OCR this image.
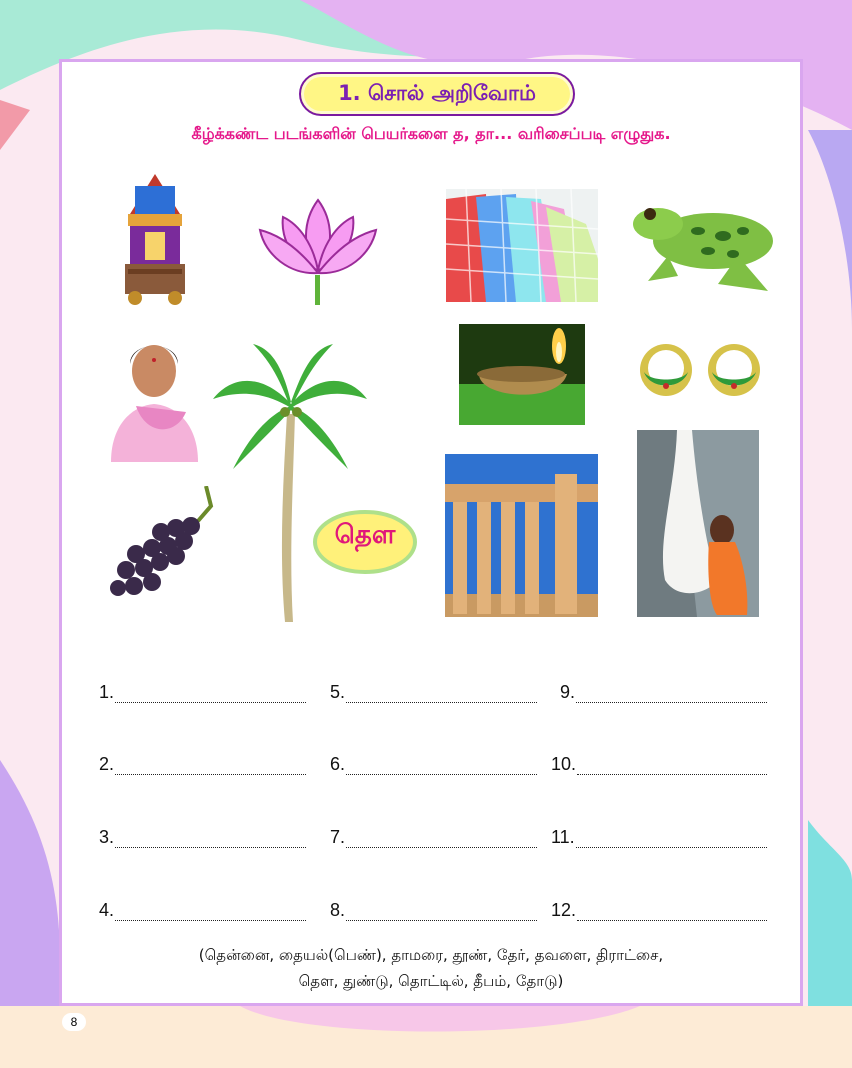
1. சொல் அறிவோம்
கீழ்க்கண்ட படங்களின் பெயர்களை த, தா... வரிசைப்படி எழுதுக.
தௌ
1.
2.
3.
4.
5.
6.
7.
8.
9.
10.
11.
12.
(தென்னை, தையல்(பெண்), தாமரை, தூண், தேர், தவளை, திராட்சை,
தௌ, துண்டு, தொட்டில், தீபம், தோடு)
8
